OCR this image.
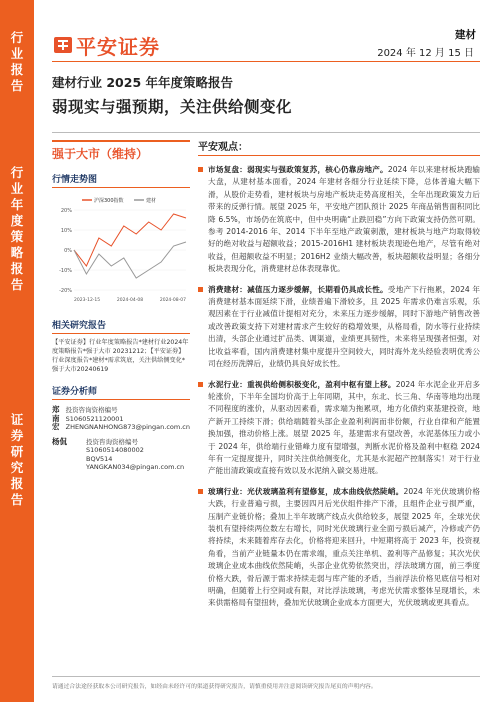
行
业
报
告
行
业
年
度
策
略
报
告
证
券
研
究
报
告
平安证券	建材
2024 年 12 月 15 日
建材行业 2025 年年度策略报告
弱现实与强预期，关注供给侧变化
强于大市（维持）
行情走势图
沪深300指数	建材
20%
10%
0%
-10%
-20%
2023-12-15	2024-04-08	2024-08-07
相关研究报告
【平安证券】行业年度策略报告*建材行业2024年度策略报告*强于大市 20231212；【平安证券】行业深度报告*建材*需求筑底，关注供给侧变化*强于大市20240619
证券分析师
郑南宏
投资咨询资格编号
S1060521120001
ZHENGNANHONG873@pingan.com.cn
杨侃	投资咨询资格编号
S1060514080002
BQV514
YANGKAN034@pingan.com.cn
平安观点：
市场复盘：弱现实与强政策复苏，核心仍靠房地产。2024 年以来建材板块跑输大盘，从建材基本面看，2024 年建材各细分行业延续下降，总体普遍大幅下滑，从股价走势看，建材板块与房地产板块走势高度相关，全年出现政策发力后带来的反弹行情。展望 2025 年，平安地产团队预计 2025 年商品销售面积同比降 6.5%，市场仍在筑底中，但中央明确“止跌回稳”方向下政策支持仍然可期。参考 2014-2016 年、2014 下半年至地产政策刺激，建材板块与地产均取得较好的绝对收益与超额收益；2015-2016H1 建材板块表现逊色地产，尽管有绝对收益，但超额收益不明显；2016H2 业绩大幅改善，板块超额收益明显；各细分板块表现分化，消费建材总体表现靠优。
消费建材：减值压力逐步缓解，长期看仍具成长性。受地产下行拖累，2024 年消费建材基本面延续下滑，业绩普遍下滑较多，且 2025 年需求仍难言乐观，乐观因素在于行业减值计提相对充分，未来压力逐步缓解，同时下游地产销售改善或改善政策支持下对建材需求产生较好的稳增效果，从格局看，防水等行业持续出清，头部企业通过扩品类、调渠道，业绩更具韧性，未来将呈现强者恒强，对比收益率看，国内消费建材集中度提升空间较大，同时海外龙头经验表明优秀公司在经历洗牌后，业绩仍具良好成长性。
水泥行业：重视供给侧积极变化，盈利中枢有望上移。2024 年水泥企业开启多轮涨价，下半年全国均价高于上年同期，其中，东北、长三角、华南等地均出现不同程度的涨价，从驱动因素看，需求端为拖累项，地方化债约束基建投资，地产新开工持续下滑；供给端随着头部企业盈利利润而非份额，行业自律和产能置换加强，推动价格上涨。展望 2025 年，基建需求有望改善，水泥基体压力或小于 2024 年，供给端行业错峰力度有望增强，判断水泥价格及盈利中枢稳 2024 年有一定提度提升，同时关注供给侧变化，尤其是水泥超产控制落实！对于行业产能出清政策或直接有效以及水泥纳入碳交易进展。
玻璃行业：光伏玻璃盈利有望修复，成本曲线依然陡峭。2024 年光伏玻璃价格大跌，行业普遍亏损，主要因四月后光伏组件排产下滑，且组件企业亏损严重，压制产业链价格；叠加上半年玻璃产线点火供给较多，展望 2025 年，全球光伏装机有望持续两位数左右增长，同时光伏玻璃行业全面亏损后减产，冷修或产仍将持续，未来随着库存去化，价格将迎来回升，中短期将高于 2023 年，投资视角看，当前产业链量本仍在需求端，重点关注单机、盈利等产品修复；其次光伏玻璃企业成本曲线依然陡峭，头部企业优势依然突出，浮法玻璃方面，前三季度价格大跌，骨后源于需求持续走弱与库产能的矛盾，当前浮法价格见底信号相对明确，但随着上行空间或有限，对比浮法玻璃，考虑光伏需求整体呈现增长，未来供需格局有望扭转，叠加光伏玻璃企业成本方面更大，光伏玻璃或更具看点。
请通过合法途径获取本公司研究报告，如经由未经许可的渠道获得研究报告，请慎重使用并注意阅读研究报告尾页的声明内容。
